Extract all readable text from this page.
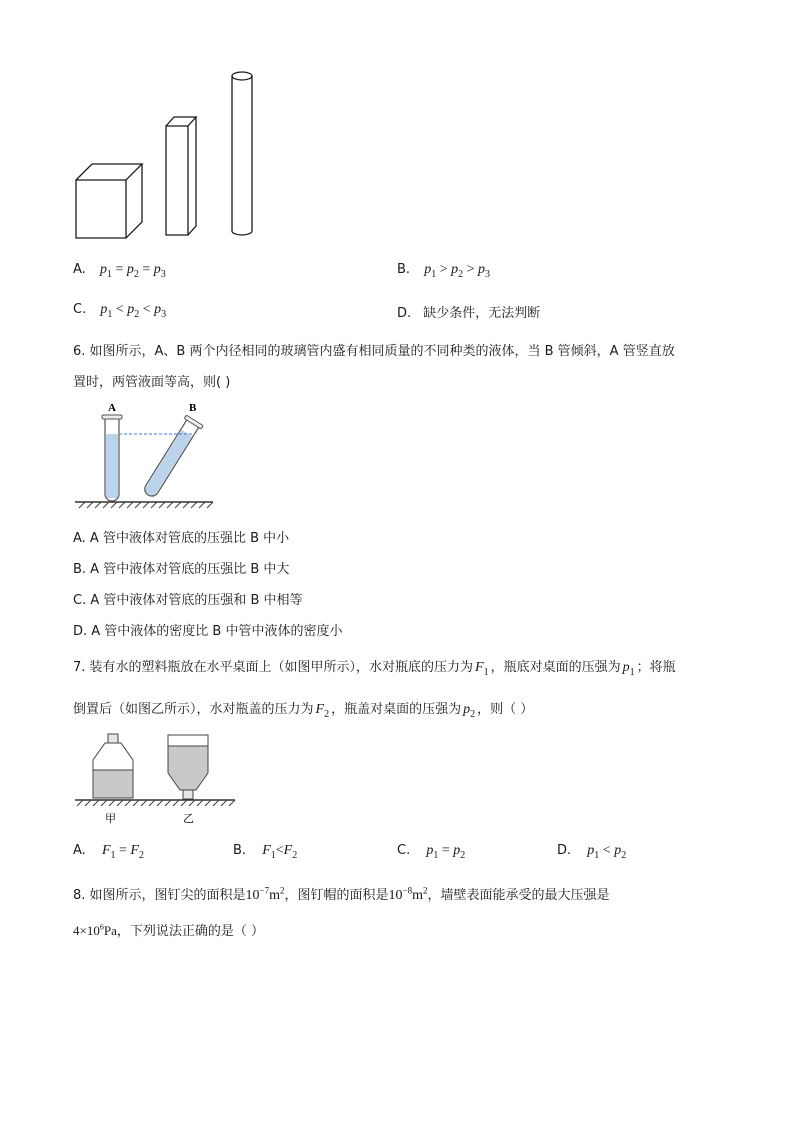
A. $p_1 = p_2 = p_3$	B. $p_1 > p_2 > p_3$
C. $p_1 < p_2 < p_3$	D. 缺少条件，无法判断
6. 如图所示，A、B 两个内径相同的玻璃管内盛有相同质量的不同种类的液体，当 B 管倾斜，A 管竖直放
置时，两管液面等高，则( )
A	B
A. A 管中液体对管底的压强比 B 中小
B. A 管中液体对管底的压强比 B 中大
C. A 管中液体对管底的压强和 B 中相等
D. A 管中液体的密度比 B 中管中液体的密度小
7. 装有水的塑料瓶放在水平桌面上（如图甲所示），水对瓶底的压力为 $F_1$ ，瓶底对桌面的压强为 $p_1$ ；将瓶
倒置后（如图乙所示），水对瓶盖的压力为 $F_2$ ，瓶盖对桌面的压强为 $p_2$ ，则（ ）
甲	乙
A. $F_1 = F_2$	B. $F_1<F_2$	C. $p_1 = p_2$	D. $p_1 < p_2$
8. 如图所示，图钉尖的面积是$10^{-7}m^2$，图钉帽的面积是$10^{-8}m^2$，墙壁表面能承受的最大压强是
$4\times 10^6Pa$，下列说法正确的是（ ）
